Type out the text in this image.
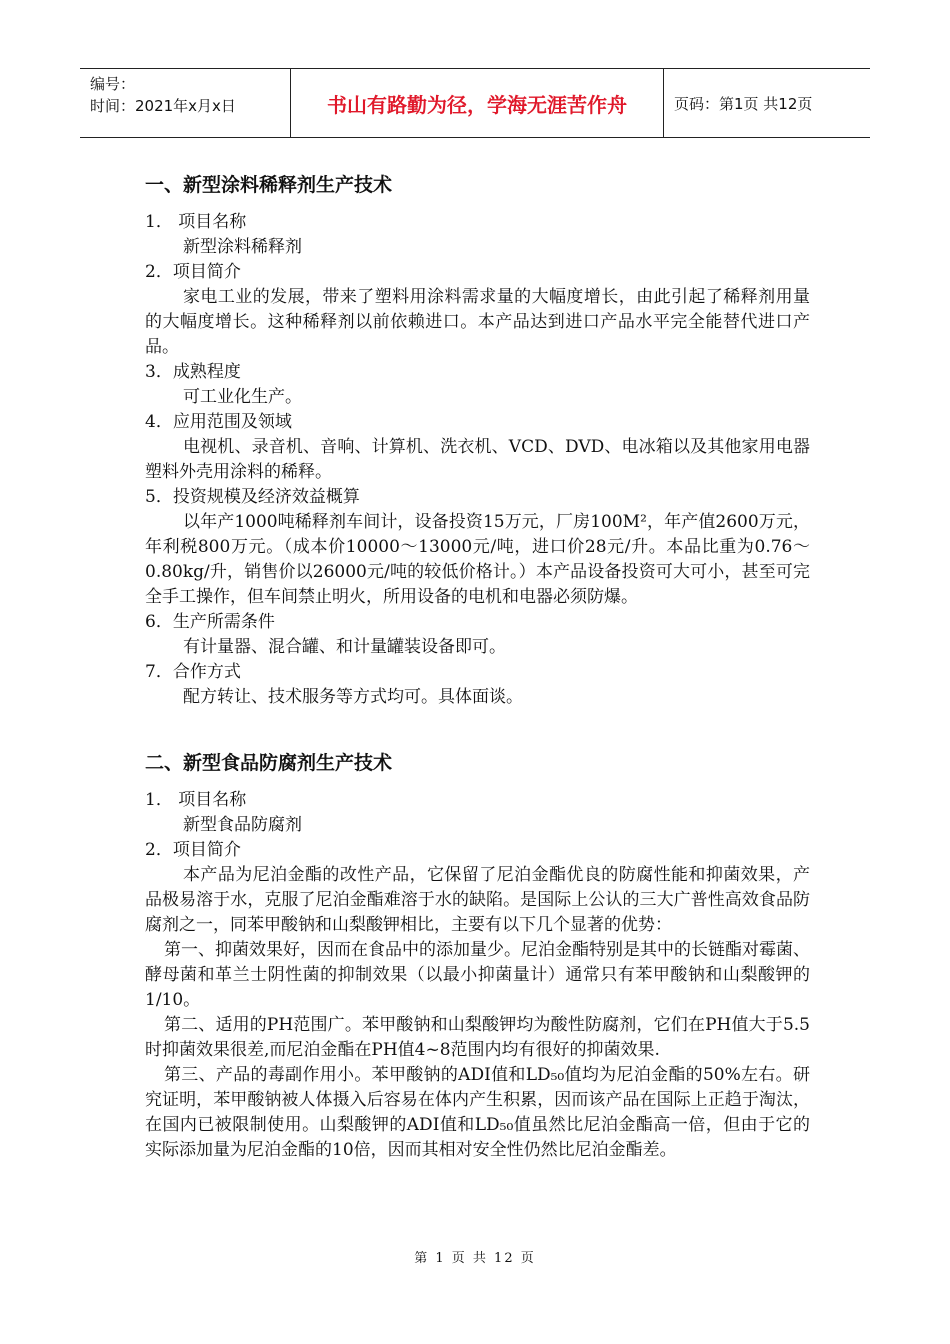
编号：
时间：2021年x月x日	书山有路勤为径，学海无涯苦作舟	页码：第1页 共12页
一、新型涂料稀释剂生产技术

1． 项目名称

新型涂料稀释剂

2．项目简介

家电工业的发展，带来了塑料用涂料需求量的大幅度增长，由此引起了稀释剂用量的大幅度增长。这种稀释剂以前依赖进口。本产品达到进口产品水平完全能替代进口产品。

3．成熟程度

可工业化生产。

4．应用范围及领域

电视机、录音机、音响、计算机、洗衣机、VCD、DVD、电冰箱以及其他家用电器塑料外壳用涂料的稀释。

5．投资规模及经济效益概算

以年产1000吨稀释剂车间计，设备投资15万元，厂房100M²，年产值2600万元，年利税800万元。（成本价10000～13000元/吨，进口价28元/升。本品比重为0.76～0.80kg/升，销售价以26000元/吨的较低价格计。）本产品设备投资可大可小，甚至可完全手工操作，但车间禁止明火，所用设备的电机和电器必须防爆。

6．生产所需条件

有计量器、混合罐、和计量罐装设备即可。

7．合作方式

配方转让、技术服务等方式均可。具体面谈。

二、新型食品防腐剂生产技术

1． 项目名称

新型食品防腐剂

2．项目简介

本产品为尼泊金酯的改性产品，它保留了尼泊金酯优良的防腐性能和抑菌效果，产品极易溶于水，克服了尼泊金酯难溶于水的缺陷。是国际上公认的三大广普性高效食品防腐剂之一，同苯甲酸钠和山梨酸钾相比，主要有以下几个显著的优势：

第一、抑菌效果好，因而在食品中的添加量少。尼泊金酯特别是其中的长链酯对霉菌、酵母菌和革兰士阴性菌的抑制效果（以最小抑菌量计）通常只有苯甲酸钠和山梨酸钾的1/10。

第二、适用的PH范围广。苯甲酸钠和山梨酸钾均为酸性防腐剂，它们在PH值大于5.5时抑菌效果很差,而尼泊金酯在PH值4~8范围内均有很好的抑菌效果.

第三、产品的毒副作用小。苯甲酸钠的ADI值和LD₅₀值均为尼泊金酯的50%左右。研究证明，苯甲酸钠被人体摄入后容易在体内产生积累，因而该产品在国际上正趋于淘汰，在国内已被限制使用。山梨酸钾的ADI值和LD₅₀值虽然比尼泊金酯高一倍，但由于它的实际添加量为尼泊金酯的10倍，因而其相对安全性仍然比尼泊金酯差。

第 1 页 共 12 页
